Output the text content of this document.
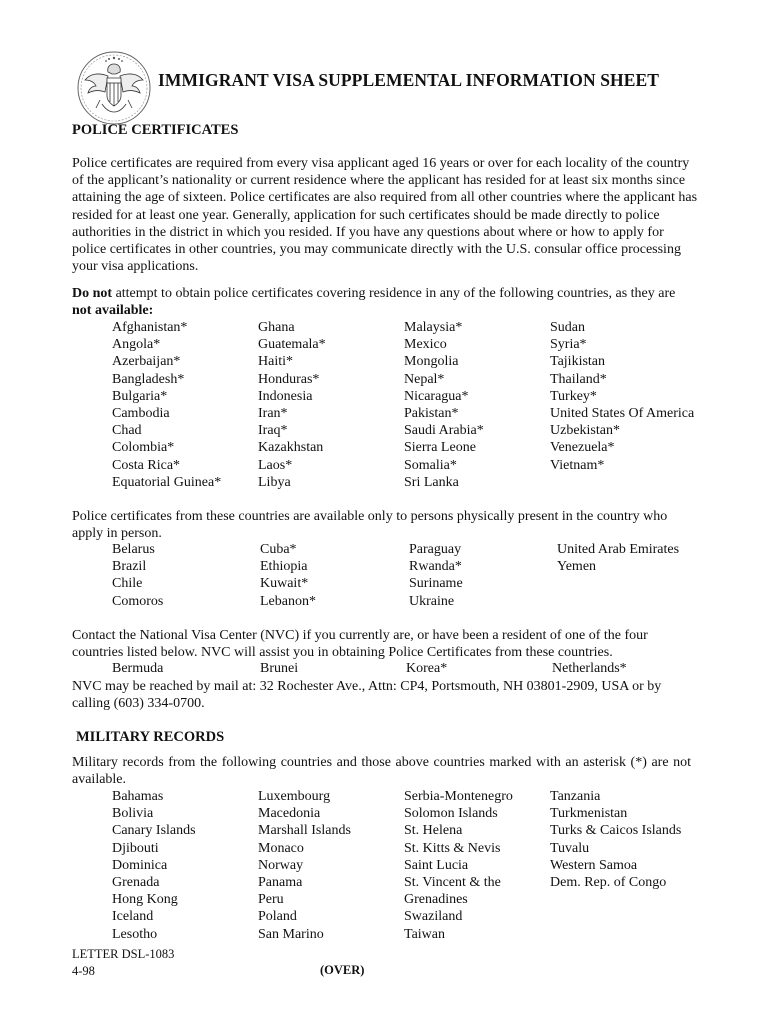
IMMIGRANT VISA SUPPLEMENTAL INFORMATION SHEET
POLICE CERTIFICATES
Police certificates are required from every visa applicant aged 16 years or over for each locality of the country of the applicant’s nationality or current residence where the applicant has resided for at least six months since attaining the age of sixteen. Police certificates are also required from all other countries where the applicant has resided for at least one year. Generally, application for such certificates should be made directly to police authorities in the district in which you resided. If you have any questions about where or how to apply for police certificates in other countries, you may communicate directly with the U.S. consular office processing your visa applications.
Do not attempt to obtain police certificates covering residence in any of the following countries, as they are not available:
Afghanistan*	Ghana	Malaysia*	Sudan
Angola*	Guatemala*	Mexico	Syria*
Azerbaijan*	Haiti*	Mongolia	Tajikistan
Bangladesh*	Honduras*	Nepal*	Thailand*
Bulgaria*	Indonesia	Nicaragua*	Turkey*
Cambodia	Iran*	Pakistan*	United States Of America
Chad	Iraq*	Saudi Arabia*	Uzbekistan*
Colombia*	Kazakhstan	Sierra Leone	Venezuela*
Costa Rica*	Laos*	Somalia*	Vietnam*
Equatorial Guinea*	Libya	Sri Lanka
Police certificates from these countries are available only to persons physically present in the country who apply in person.
Belarus	Cuba*	Paraguay	United Arab Emirates
Brazil	Ethiopia	Rwanda*	Yemen
Chile	Kuwait*	Suriname
Comoros	Lebanon*	Ukraine
Contact the National Visa Center (NVC) if you currently are, or have been a resident of one of the four countries listed below. NVC will assist you in obtaining Police Certificates from these countries.
Bermuda	Brunei	Korea*	Netherlands*
NVC may be reached by mail at: 32 Rochester Ave., Attn: CP4, Portsmouth, NH 03801-2909, USA or by calling (603) 334-0700.
MILITARY RECORDS
Military records from the following countries and those above countries marked with an asterisk (*) are not available.
Bahamas	Luxembourg	Serbia-Montenegro	Tanzania
Bolivia	Macedonia	Solomon Islands	Turkmenistan
Canary Islands	Marshall Islands	St. Helena	Turks & Caicos Islands
Djibouti	Monaco	St. Kitts & Nevis	Tuvalu
Dominica	Norway	Saint Lucia	Western Samoa
Grenada	Panama	St. Vincent & the	Dem. Rep. of Congo
Hong Kong	Peru	Grenadines
Iceland	Poland	Swaziland
Lesotho	San Marino	Taiwan
LETTER DSL-1083
4-98	(OVER)
